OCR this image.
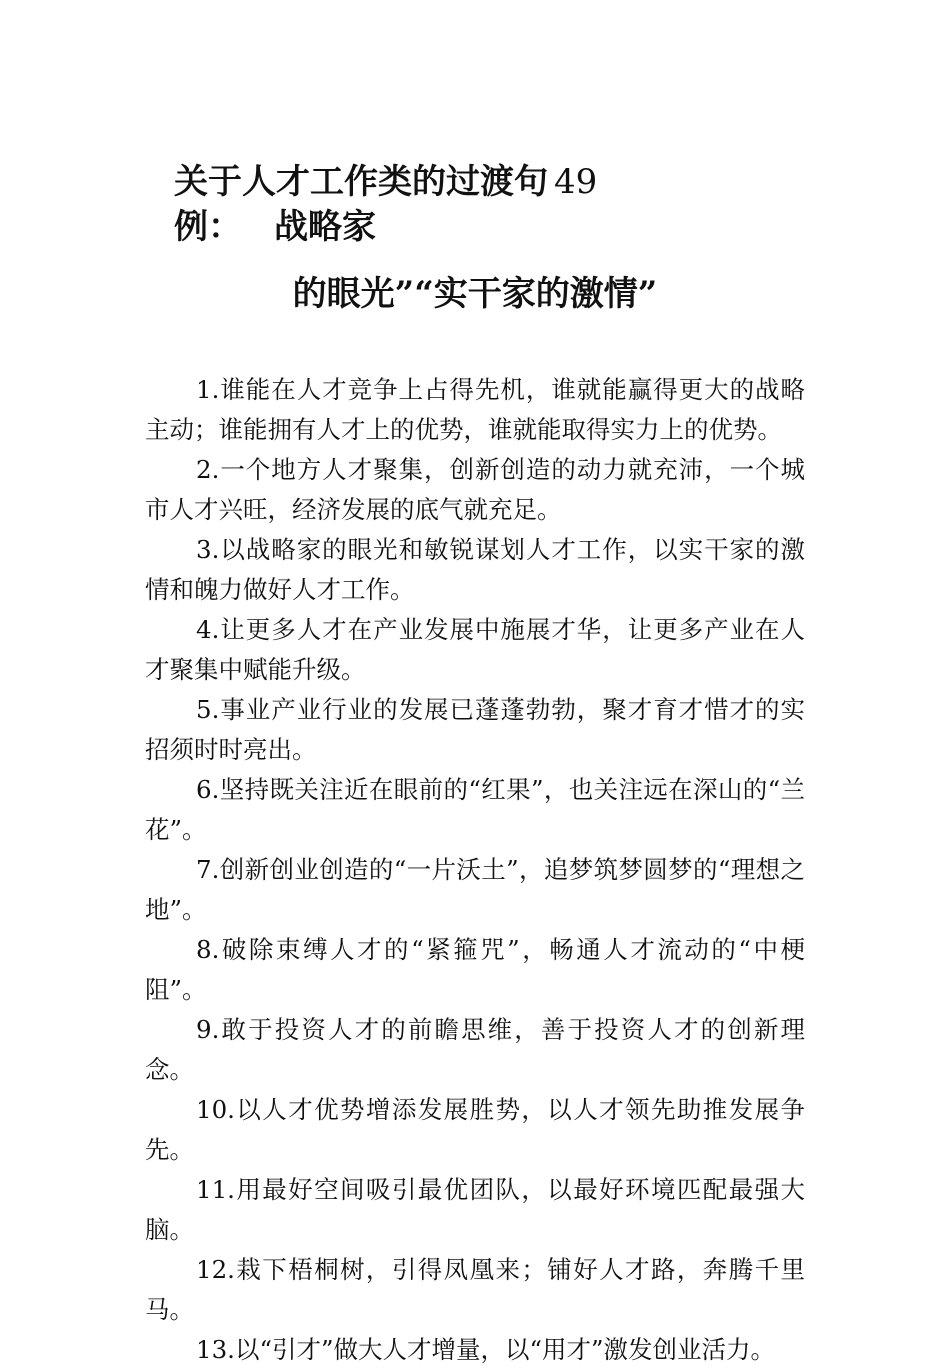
关于人才工作类的过渡句 49
例： 战略家
的眼光”“实干家的激情”

1.谁能在人才竞争上占得先机，谁就能赢得更大的战略主动；谁能拥有人才上的优势，谁就能取得实力上的优势。

2.一个地方人才聚集，创新创造的动力就充沛，一个城市人才兴旺，经济发展的底气就充足。

3.以战略家的眼光和敏锐谋划人才工作，以实干家的激情和魄力做好人才工作。

4.让更多人才在产业发展中施展才华，让更多产业在人才聚集中赋能升级。

5.事业产业行业的发展已蓬蓬勃勃，聚才育才惜才的实招须时时亮出。

6.坚持既关注近在眼前的“红果”，也关注远在深山的“兰花”。

7.创新创业创造的“一片沃土”，追梦筑梦圆梦的“理想之地”。

8.破除束缚人才的“紧箍咒”，畅通人才流动的“中梗阻”。

9.敢于投资人才的前瞻思维，善于投资人才的创新理念。

10.以人才优势增添发展胜势，以人才领先助推发展争先。

11.用最好空间吸引最优团队，以最好环境匹配最强大脑。

12.栽下梧桐树，引得凤凰来；铺好人才路，奔腾千里马。

13.以“引才”做大人才增量，以“用才”激发创业活力。
